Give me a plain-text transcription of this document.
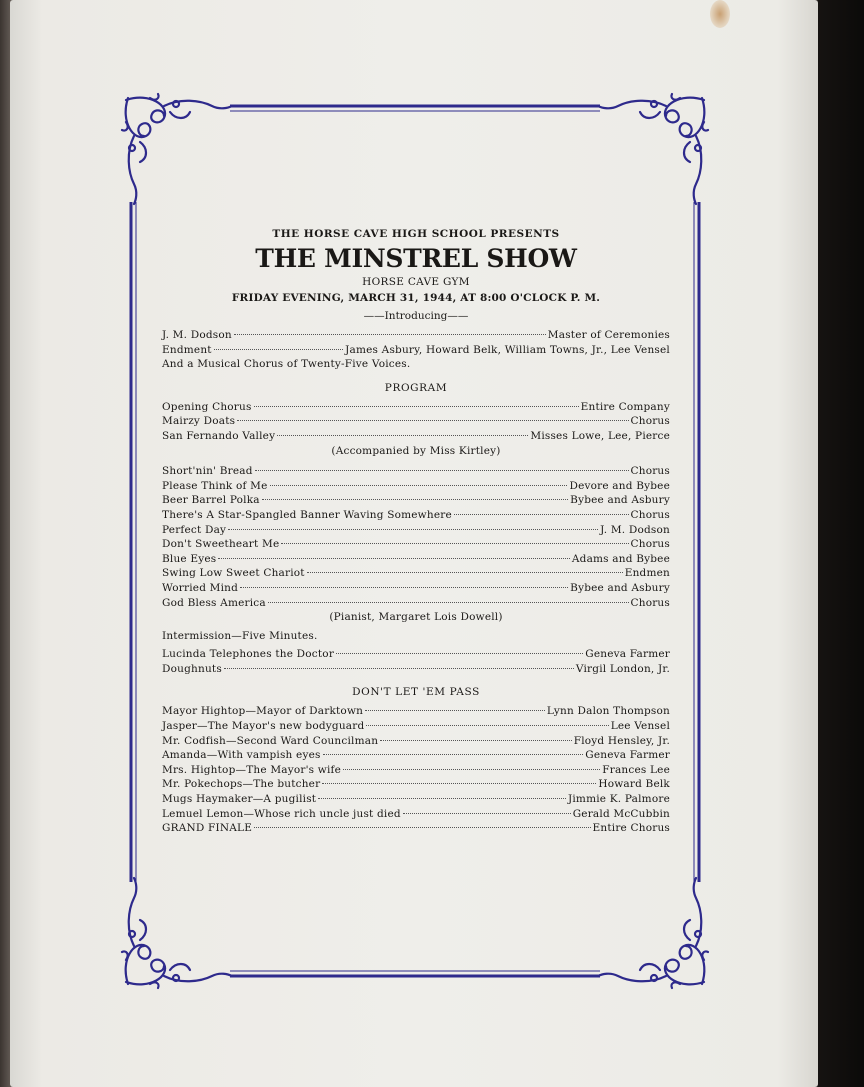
THE HORSE CAVE HIGH SCHOOL PRESENTS
THE MINSTREL SHOW
HORSE CAVE GYM
FRIDAY EVENING, MARCH 31, 1944, AT 8:00 O'CLOCK P. M.
——Introducing——
J. M. Dodson	Master of Ceremonies
Endment	James Asbury, Howard Belk, William Towns, Jr., Lee Vensel
And a Musical Chorus of Twenty-Five Voices.
PROGRAM
Opening Chorus	Entire Company
Mairzy Doats	Chorus
San Fernando Valley	Misses Lowe, Lee, Pierce
(Accompanied by Miss Kirtley)
Short'nin' Bread	Chorus
Please Think of Me	Devore and Bybee
Beer Barrel Polka	Bybee and Asbury
There's A Star-Spangled Banner Waving Somewhere	Chorus
Perfect Day	J. M. Dodson
Don't Sweetheart Me	Chorus
Blue Eyes	Adams and Bybee
Swing Low Sweet Chariot	Endmen
Worried Mind	Bybee and Asbury
God Bless America	Chorus
(Pianist, Margaret Lois Dowell)
Intermission—Five Minutes.
Lucinda Telephones the Doctor	Geneva Farmer
Doughnuts	Virgil London, Jr.
DON'T LET 'EM PASS
Mayor Hightop—Mayor of Darktown	Lynn Dalon Thompson
Jasper—The Mayor's new bodyguard	Lee Vensel
Mr. Codfish—Second Ward Councilman	Floyd Hensley, Jr.
Amanda—With vampish eyes	Geneva Farmer
Mrs. Hightop—The Mayor's wife	Frances Lee
Mr. Pokechops—The butcher	Howard Belk
Mugs Haymaker—A pugilist	Jimmie K. Palmore
Lemuel Lemon—Whose rich uncle just died	Gerald McCubbin
GRAND FINALE	Entire Chorus
